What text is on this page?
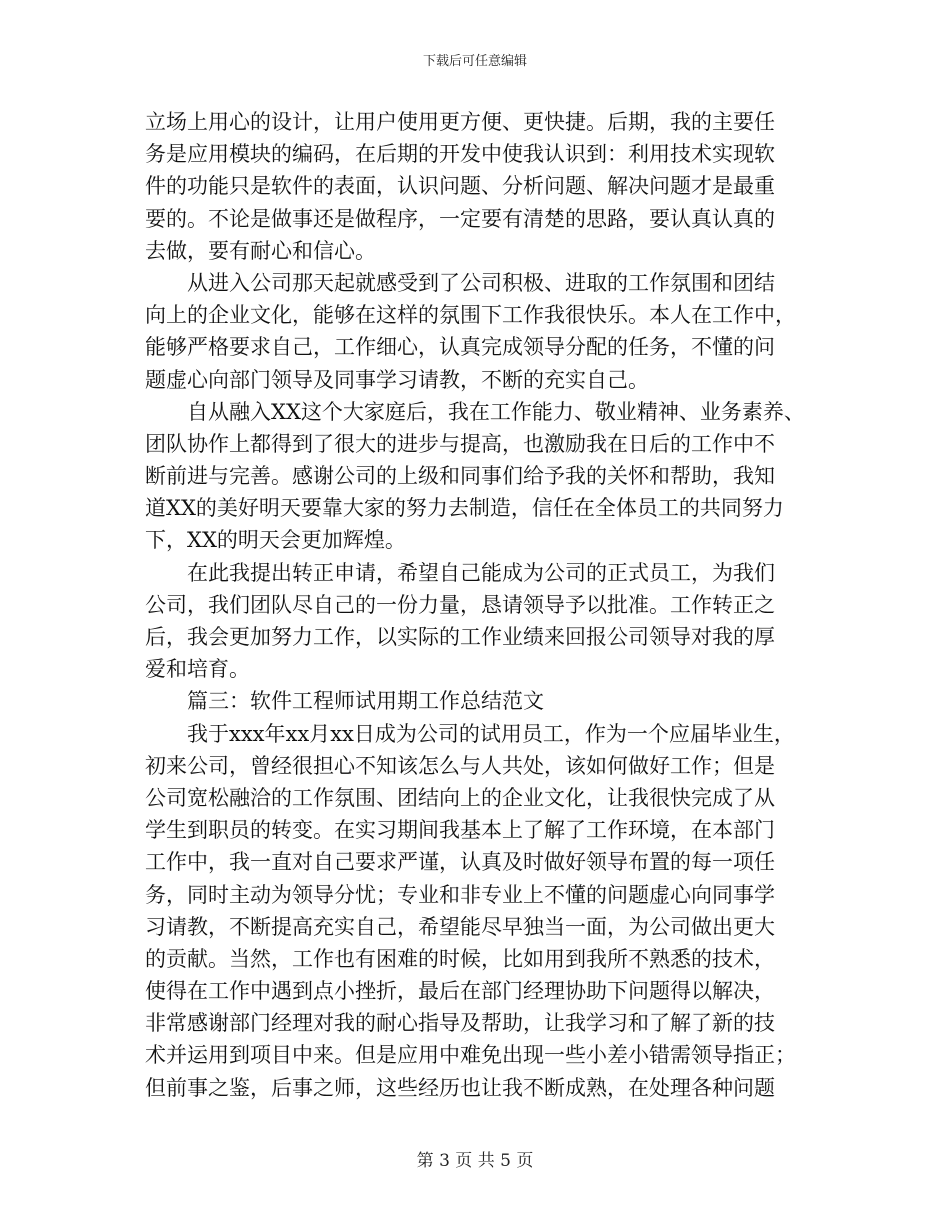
下载后可任意编辑
立场上用心的设计，让用户使用更方便、更快捷。后期，我的主要任
务是应用模块的编码，在后期的开发中使我认识到：利用技术实现软
件的功能只是软件的表面，认识问题、分析问题、解决问题才是最重
要的。不论是做事还是做程序，一定要有清楚的思路，要认真认真的
去做，要有耐心和信心。
从进入公司那天起就感受到了公司积极、进取的工作氛围和团结
向上的企业文化，能够在这样的氛围下工作我很快乐。本人在工作中，
能够严格要求自己，工作细心，认真完成领导分配的任务，不懂的问
题虚心向部门领导及同事学习请教，不断的充实自己。
自从融入XX这个大家庭后，我在工作能力、敬业精神、业务素养、
团队协作上都得到了很大的进步与提高，也激励我在日后的工作中不
断前进与完善。感谢公司的上级和同事们给予我的关怀和帮助，我知
道XX的美好明天要靠大家的努力去制造，信任在全体员工的共同努力
下，XX的明天会更加辉煌。
在此我提出转正申请，希望自己能成为公司的正式员工，为我们
公司，我们团队尽自己的一份力量，恳请领导予以批准。工作转正之
后，我会更加努力工作，以实际的工作业绩来回报公司领导对我的厚
爱和培育。
篇三：软件工程师试用期工作总结范文
我于xxx年xx月xx日成为公司的试用员工，作为一个应届毕业生，
初来公司，曾经很担心不知该怎么与人共处，该如何做好工作；但是
公司宽松融洽的工作氛围、团结向上的企业文化，让我很快完成了从
学生到职员的转变。在实习期间我基本上了解了工作环境，在本部门
工作中，我一直对自己要求严谨，认真及时做好领导布置的每一项任
务，同时主动为领导分忧；专业和非专业上不懂的问题虚心向同事学
习请教，不断提高充实自己，希望能尽早独当一面，为公司做出更大
的贡献。当然，工作也有困难的时候，比如用到我所不熟悉的技术，
使得在工作中遇到点小挫折，最后在部门经理协助下问题得以解决，
非常感谢部门经理对我的耐心指导及帮助，让我学习和了解了新的技
术并运用到项目中来。但是应用中难免出现一些小差小错需领导指正；
但前事之鉴，后事之师，这些经历也让我不断成熟，在处理各种问题
第 3 页 共 5 页
